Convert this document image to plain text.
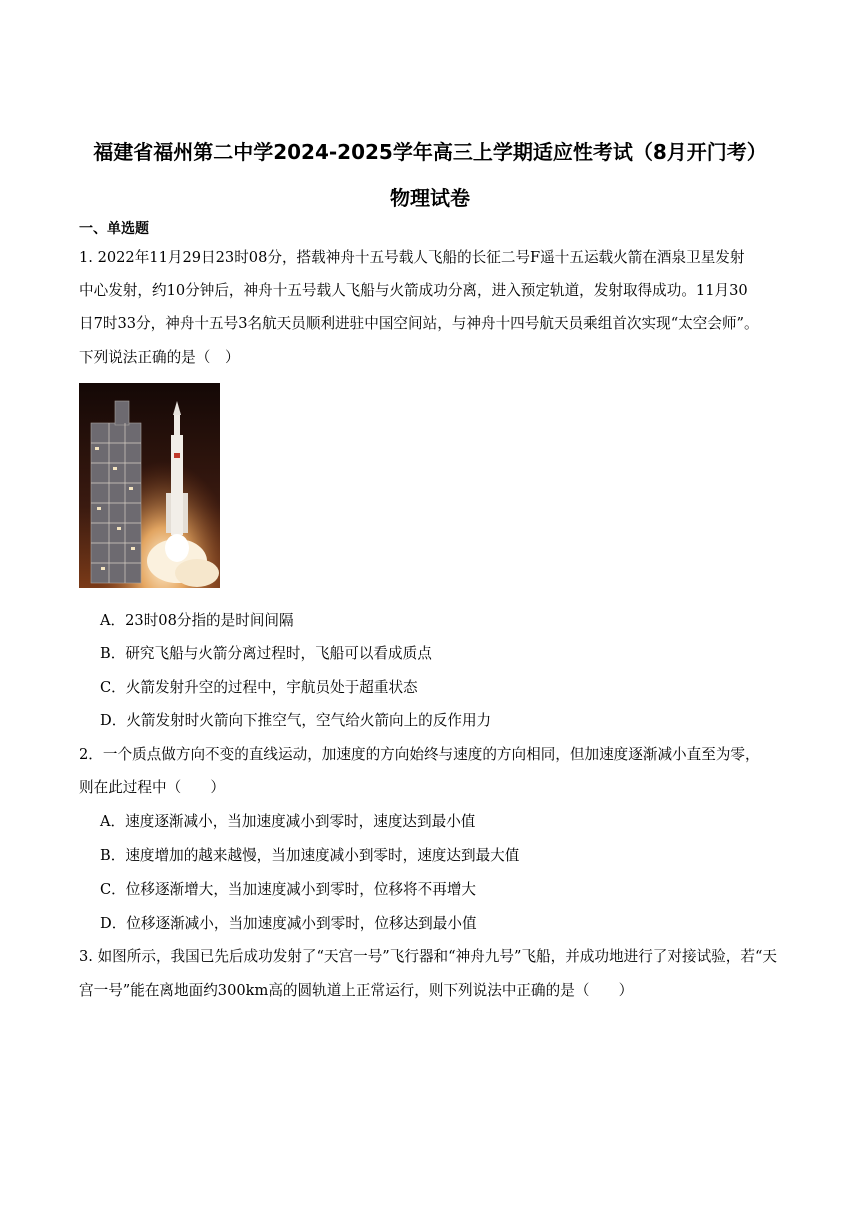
福建省福州第二中学2024-2025学年高三上学期适应性考试（8月开门考）
物理试卷
一、单选题
1. 2022年11月29日23时08分，搭载神舟十五号载人飞船的长征二号F遥十五运载火箭在酒泉卫星发射
中心发射，约10分钟后，神舟十五号载人飞船与火箭成功分离，进入预定轨道，发射取得成功。11月30
日7时33分，神舟十五号3名航天员顺利进驻中国空间站，与神舟十四号航天员乘组首次实现“太空会师”。
下列说法正确的是（　）
A．23时08分指的是时间间隔
B．研究飞船与火箭分离过程时，飞船可以看成质点
C．火箭发射升空的过程中，宇航员处于超重状态
D．火箭发射时火箭向下推空气，空气给火箭向上的反作用力
2．一个质点做方向不变的直线运动，加速度的方向始终与速度的方向相同，但加速度逐渐减小直至为零，
则在此过程中（　　）
A．速度逐渐减小，当加速度减小到零时，速度达到最小值
B．速度增加的越来越慢，当加速度减小到零时，速度达到最大值
C．位移逐渐增大，当加速度减小到零时，位移将不再增大
D．位移逐渐减小，当加速度减小到零时，位移达到最小值
3. 如图所示，我国已先后成功发射了“天宫一号”飞行器和“神舟九号”飞船，并成功地进行了对接试验，若“天
宫一号”能在离地面约300km高的圆轨道上正常运行，则下列说法中正确的是（　　）
